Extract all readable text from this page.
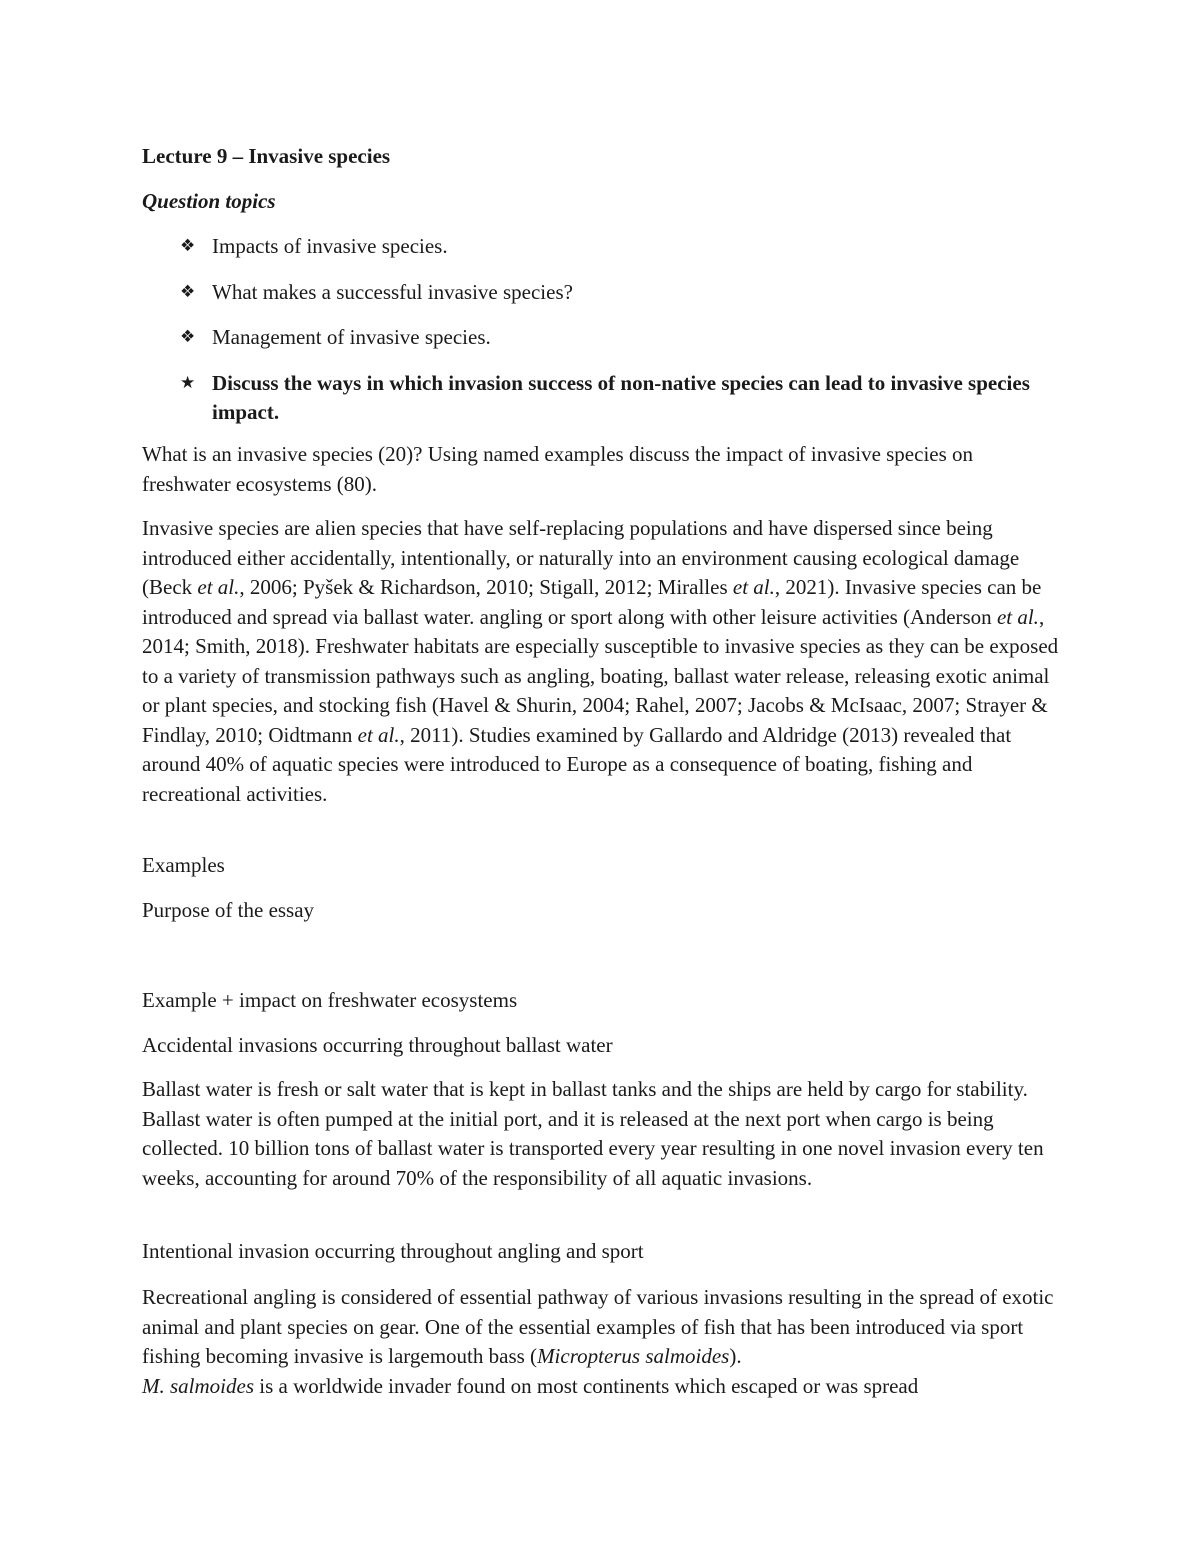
Lecture 9 – Invasive species
Question topics
❖ Impacts of invasive species.
❖ What makes a successful invasive species?
❖ Management of invasive species.
★ Discuss the ways in which invasion success of non-native species can lead to invasive species impact.

What is an invasive species (20)? Using named examples discuss the impact of invasive species on freshwater ecosystems (80).

Invasive species are alien species that have self-replacing populations and have dispersed since being introduced either accidentally, intentionally, or naturally into an environment causing ecological damage (Beck et al., 2006; Pyšek & Richardson, 2010; Stigall, 2012; Miralles et al., 2021). Invasive species can be introduced and spread via ballast water. angling or sport along with other leisure activities (Anderson et al., 2014; Smith, 2018). Freshwater habitats are especially susceptible to invasive species as they can be exposed to a variety of transmission pathways such as angling, boating, ballast water release, releasing exotic animal or plant species, and stocking fish (Havel & Shurin, 2004; Rahel, 2007; Jacobs & McIsaac, 2007; Strayer & Findlay, 2010; Oidtmann et al., 2011). Studies examined by Gallardo and Aldridge (2013) revealed that around 40% of aquatic species were introduced to Europe as a consequence of boating, fishing and recreational activities.

Examples

Purpose of the essay

Example + impact on freshwater ecosystems

Accidental invasions occurring throughout ballast water

Ballast water is fresh or salt water that is kept in ballast tanks and the ships are held by cargo for stability. Ballast water is often pumped at the initial port, and it is released at the next port when cargo is being collected. 10 billion tons of ballast water is transported every year resulting in one novel invasion every ten weeks, accounting for around 70% of the responsibility of all aquatic invasions.

Intentional invasion occurring throughout angling and sport

Recreational angling is considered of essential pathway of various invasions resulting in the spread of exotic animal and plant species on gear. One of the essential examples of fish that has been introduced via sport fishing becoming invasive is largemouth bass (Micropterus salmoides).
M. salmoides is a worldwide invader found on most continents which escaped or was spread
